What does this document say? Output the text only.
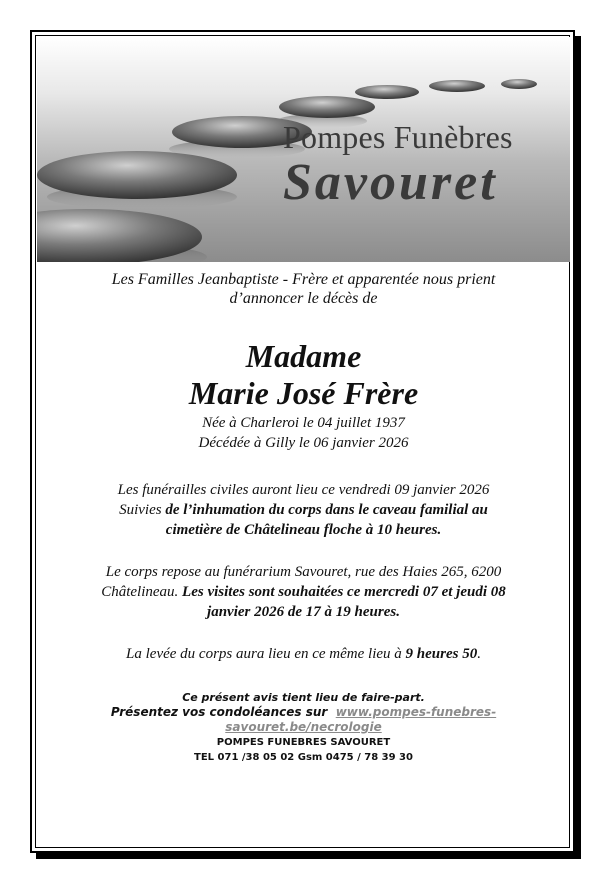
Pompes Funèbres
Savouret
Les Familles Jeanbaptiste - Frère et apparentée nous prient
d’annoncer le décès de
Madame
Marie José Frère
Née à Charleroi le 04 juillet 1937
Décédée à Gilly le 06 janvier 2026
Les funérailles civiles auront lieu ce vendredi 09 janvier 2026
Suivies de l’inhumation du corps dans le caveau familial au
cimetière de Châtelineau floche à 10 heures.
Le corps repose au funérarium Savouret, rue des Haies 265, 6200
Châtelineau. Les visites sont souhaitées ce mercredi 07 et jeudi 08
janvier 2026 de 17 à 19 heures.
La levée du corps aura lieu en ce même lieu à 9 heures 50.
Ce présent avis tient lieu de faire-part.
Présentez vos condoléances sur www.pompes-funebres-savouret.be/necrologie
POMPES FUNEBRES SAVOURET
TEL 071 /38 05 02 Gsm 0475 / 78 39 30
